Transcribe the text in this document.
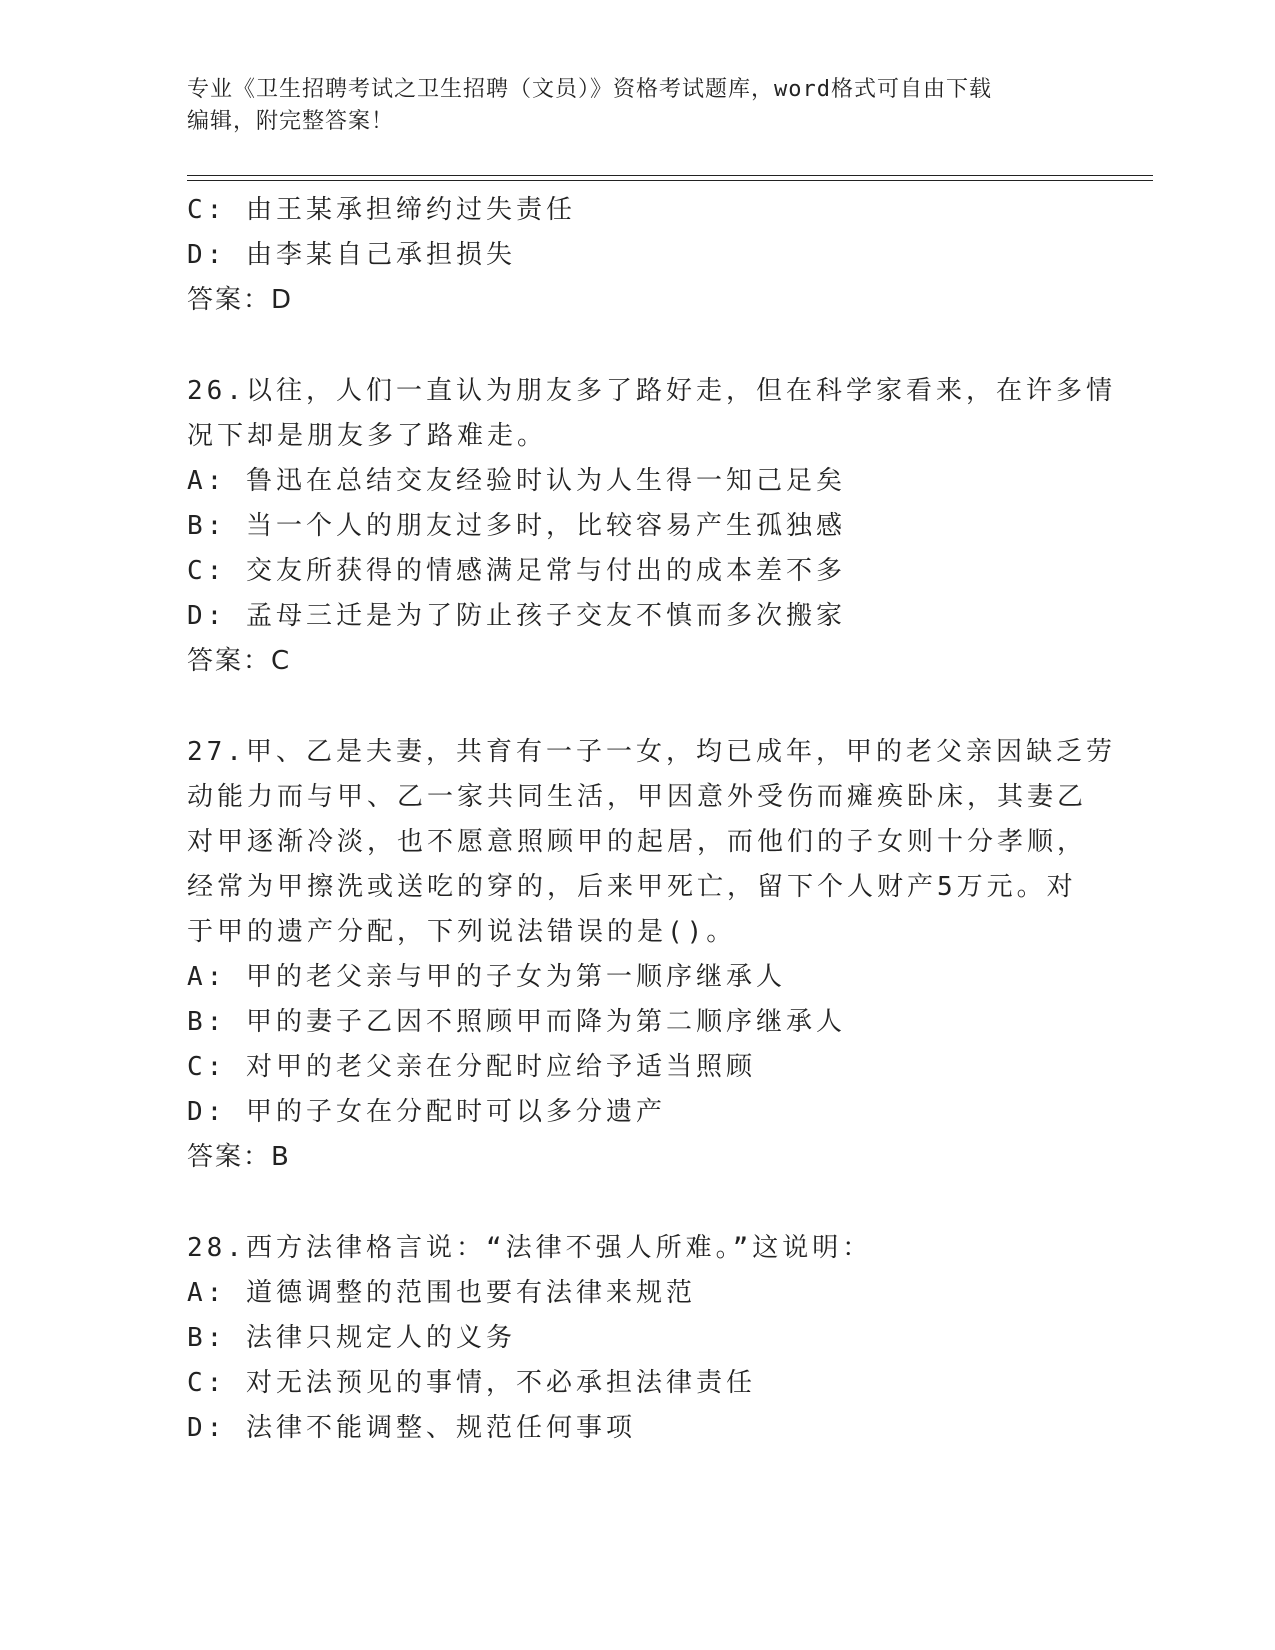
专业《卫生招聘考试之卫生招聘（文员）》资格考试题库，word格式可自由下载
编辑，附完整答案！
C: 由王某承担缔约过失责任
D: 由李某自己承担损失
答案：D
26.以往，人们一直认为朋友多了路好走，但在科学家看来，在许多情
况下却是朋友多了路难走。
A: 鲁迅在总结交友经验时认为人生得一知己足矣
B: 当一个人的朋友过多时，比较容易产生孤独感
C: 交友所获得的情感满足常与付出的成本差不多
D: 孟母三迁是为了防止孩子交友不慎而多次搬家
答案：C
27.甲、乙是夫妻，共育有一子一女，均已成年，甲的老父亲因缺乏劳
动能力而与甲、乙一家共同生活，甲因意外受伤而瘫痪卧床，其妻乙
对甲逐渐冷淡，也不愿意照顾甲的起居，而他们的子女则十分孝顺，
经常为甲擦洗或送吃的穿的，后来甲死亡，留下个人财产5万元。对
于甲的遗产分配，下列说法错误的是()。
A: 甲的老父亲与甲的子女为第一顺序继承人
B: 甲的妻子乙因不照顾甲而降为第二顺序继承人
C: 对甲的老父亲在分配时应给予适当照顾
D: 甲的子女在分配时可以多分遗产
答案：B
28.西方法律格言说：“法律不强人所难。”这说明：
A: 道德调整的范围也要有法律来规范
B: 法律只规定人的义务
C: 对无法预见的事情，不必承担法律责任
D: 法律不能调整、规范任何事项
